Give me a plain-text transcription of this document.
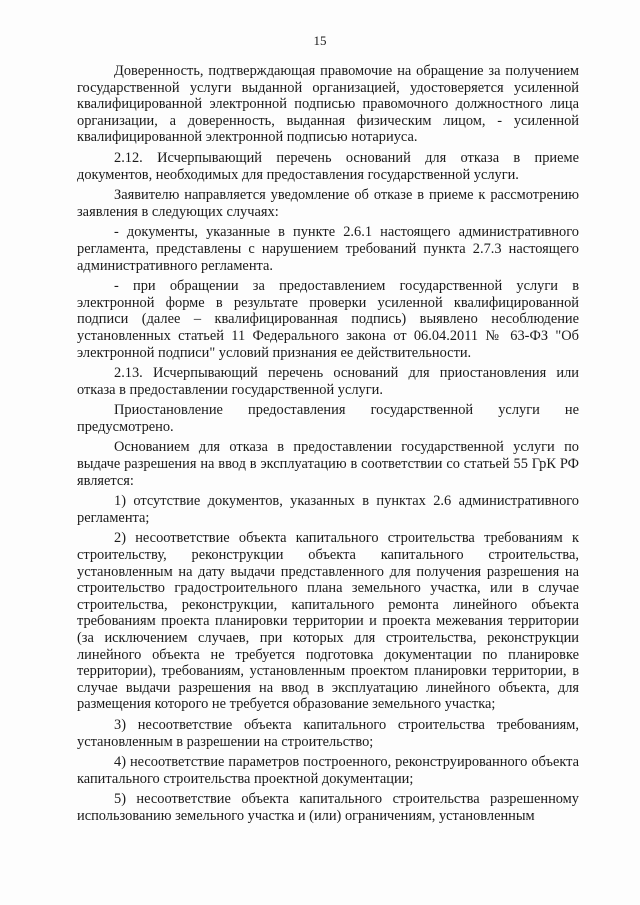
15

Доверенность, подтверждающая правомочие на обращение за получением государственной услуги выданной организацией, удостоверяется усиленной квалифицированной электронной подписью правомочного должностного лица организации, а доверенность, выданная физическим лицом, - усиленной квалифицированной электронной подписью нотариуса.

2.12. Исчерпывающий перечень оснований для отказа в приеме документов, необходимых для предоставления государственной услуги.

Заявителю направляется уведомление об отказе в приеме к рассмотрению заявления в следующих случаях:

- документы, указанные в пункте 2.6.1 настоящего административного регламента, представлены с нарушением требований пункта 2.7.3 настоящего административного регламента.

- при обращении за предоставлением государственной услуги в электронной форме в результате проверки усиленной квалифицированной подписи (далее – квалифицированная подпись) выявлено несоблюдение установленных статьей 11 Федерального закона от 06.04.2011 № 63-ФЗ "Об электронной подписи" условий признания ее действительности.

2.13. Исчерпывающий перечень оснований для приостановления или отказа в предоставлении государственной услуги.

Приостановление предоставления государственной услуги не предусмотрено.

Основанием для отказа в предоставлении государственной услуги по выдаче разрешения на ввод в эксплуатацию в соответствии со статьей 55 ГрК РФ является:

1) отсутствие документов, указанных в пунктах 2.6 административного регламента;

2) несоответствие объекта капитального строительства требованиям к строительству, реконструкции объекта капитального строительства, установленным на дату выдачи представленного для получения разрешения на строительство градостроительного плана земельного участка, или в случае строительства, реконструкции, капитального ремонта линейного объекта требованиям проекта планировки территории и проекта межевания территории (за исключением случаев, при которых для строительства, реконструкции линейного объекта не требуется подготовка документации по планировке территории), требованиям, установленным проектом планировки территории, в случае выдачи разрешения на ввод в эксплуатацию линейного объекта, для размещения которого не требуется образование земельного участка;

3) несоответствие объекта капитального строительства требованиям, установленным в разрешении на строительство;

4) несоответствие параметров построенного, реконструированного объекта капитального строительства проектной документации;

5) несоответствие объекта капитального строительства разрешенному использованию земельного участка и (или) ограничениям, установленным
